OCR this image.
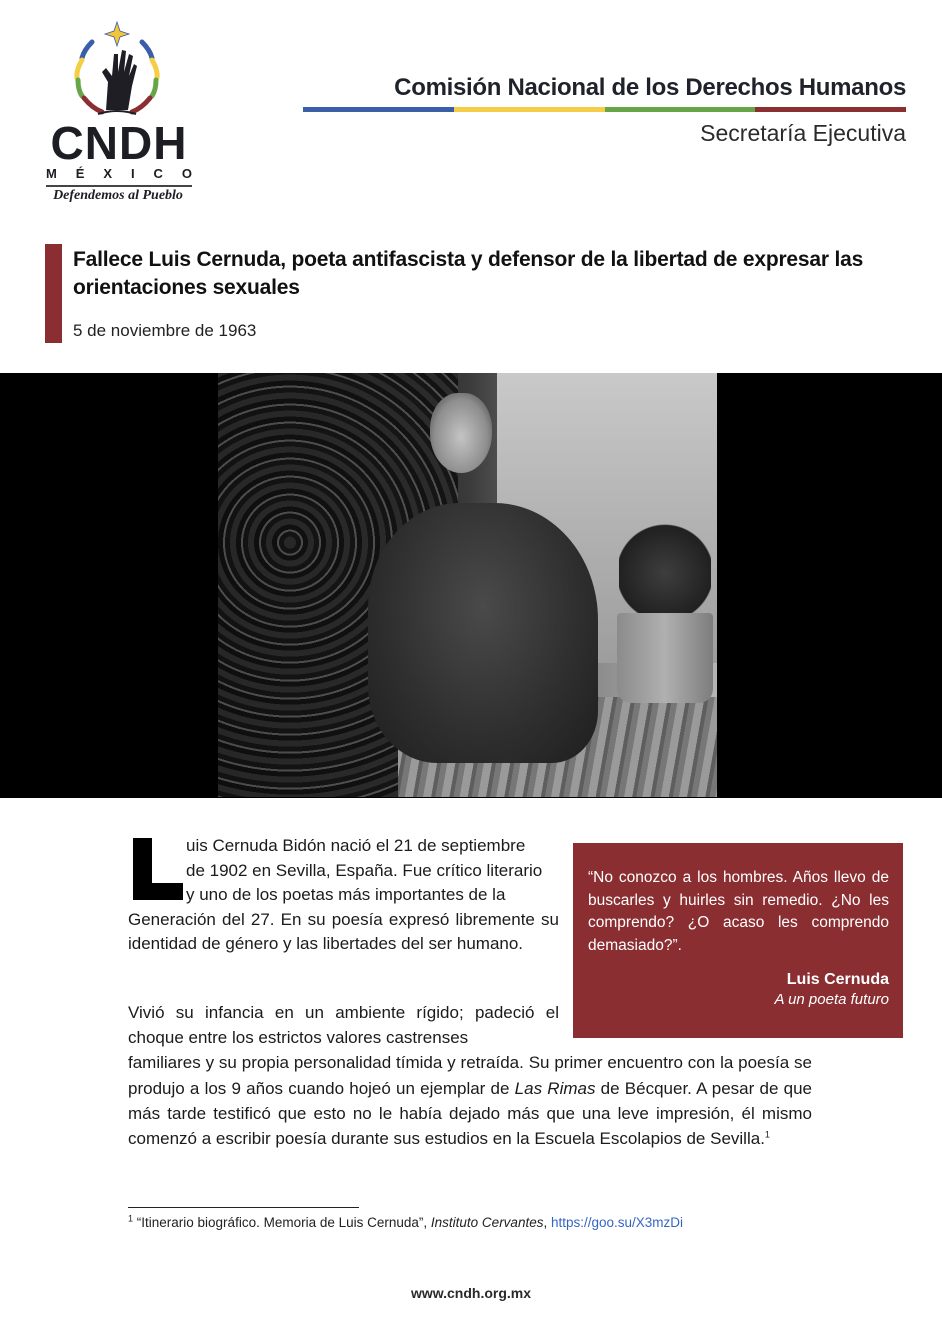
CNDH
M É X I C O
Defendemos al Pueblo
Comisión Nacional de los Derechos Humanos
Secretaría Ejecutiva
Fallece Luis Cernuda, poeta antifascista y defensor de la libertad de expresar las orientaciones sexuales
5 de noviembre de 1963

uis Cernuda Bidón nació el 21 de septiembre
de 1902 en Sevilla, España. Fue crítico literario
y uno de los poetas más importantes de la
Generación del 27. En su poesía expresó libremente su identidad de género y las libertades del ser humano.

“No conozco a los hombres. Años llevo de buscarles y huirles sin remedio. ¿No les comprendo? ¿O acaso les comprendo demasiado?”.
Luis Cernuda
A un poeta futuro

Vivió su infancia en un ambiente rígido; padeció el choque entre los estrictos valores castrenses
familiares y su propia personalidad tímida y retraída. Su primer encuentro con la poesía se produjo a los 9 años cuando hojeó un ejemplar de Las Rimas de Bécquer. A pesar de que más tarde testificó que esto no le había dejado más que una leve impresión, él mismo comenzó a escribir poesía durante sus estudios en la Escuela Escolapios de Sevilla.$^1$

$^1$ “Itinerario biográfico. Memoria de Luis Cernuda”, Instituto Cervantes, https://goo.su/X3mzDi
www.cndh.org.mx
